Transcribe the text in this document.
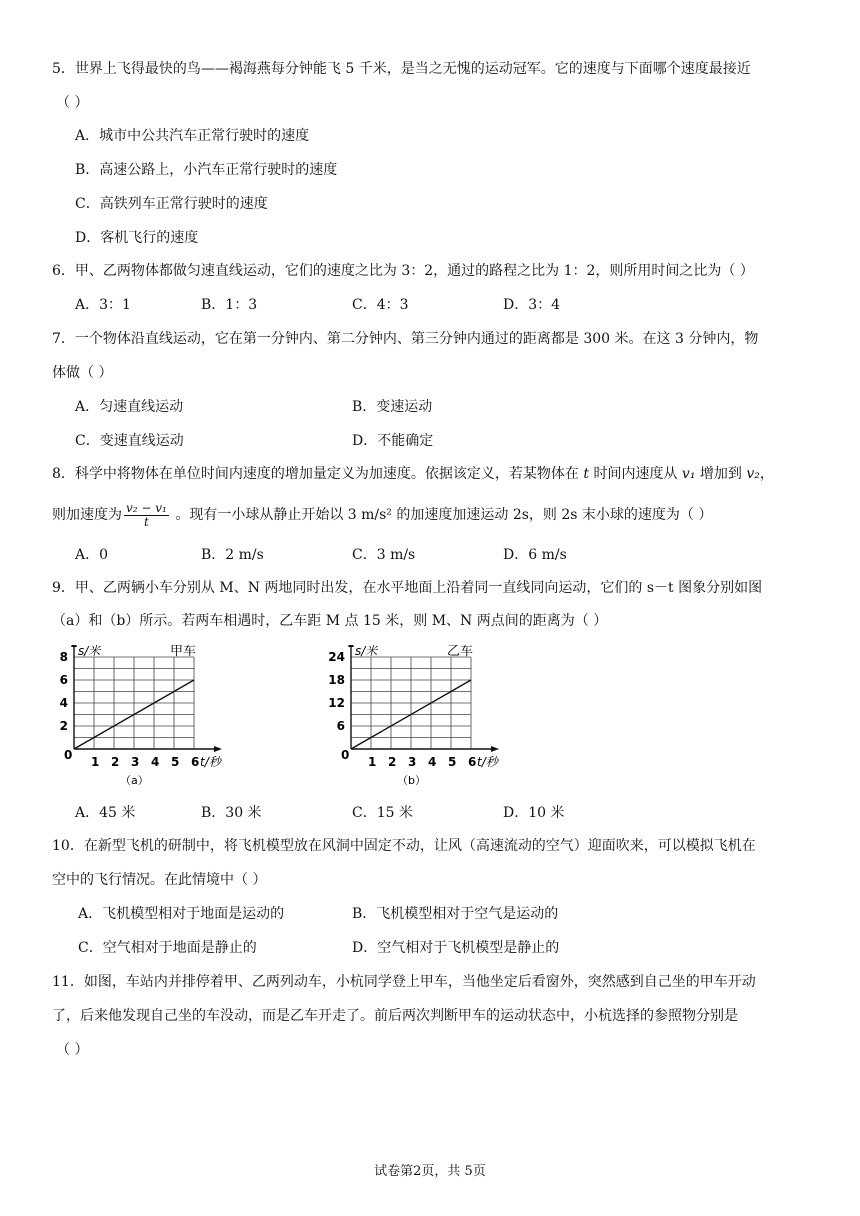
5．世界上飞得最快的鸟——褐海燕每分钟能飞 5 千米，是当之无愧的运动冠军。它的速度与下面哪个速度最接近
（ ）
A．城市中公共汽车正常行驶时的速度
B．高速公路上，小汽车正常行驶时的速度
C．高铁列车正常行驶时的速度
D．客机飞行的速度
6．甲、乙两物体都做匀速直线运动，它们的速度之比为 3：2，通过的路程之比为 1：2，则所用时间之比为（ ）
A．3：1	B．1：3	C．4：3	D．3：4
7．一个物体沿直线运动，它在第一分钟内、第二分钟内、第三分钟内通过的距离都是 300 米。在这 3 分钟内，物
体做（ ）
A．匀速直线运动	B．变速运动
C．变速直线运动	D．不能确定
8．科学中将物体在单位时间内速度的增加量定义为加速度。依据该定义，若某物体在 t 时间内速度从 v₁ 增加到 v₂，
则加速度为 $\frac{\text{v₂ − v₁}}{t}$ 。现有一小球从静止开始以 3 m/s² 的加速度加速运动 2s，则 2s 末小球的速度为（ ）
A．0	B．2 m/s	C．3 m/s	D．6 m/s
9．甲、乙两辆小车分别从 M、N 两地同时出发，在水平地面上沿着同一直线同向运动，它们的 s－t 图象分别如图
（a）和（b）所示。若两车相遇时，乙车距 M 点 15 米，则 M、N 两点间的距离为（ ）
0 1 2 3 4 5 6
2
4
6
8 s/米
t/秒
甲车
（a）
0 1 2 3 4 5 6
6
12
18
24 s/米
t/秒
乙车
（b）
A．45 米	B．30 米	C．15 米	D．10 米
10．在新型飞机的研制中，将飞机模型放在风洞中固定不动，让风（高速流动的空气）迎面吹来，可以模拟飞机在
空中的飞行情况。在此情境中（ ）
A．飞机模型相对于地面是运动的	B．飞机模型相对于空气是运动的
C．空气相对于地面是静止的	D．空气相对于飞机模型是静止的
11．如图，车站内并排停着甲、乙两列动车，小杭同学登上甲车，当他坐定后看窗外，突然感到自己坐的甲车开动
了，后来他发现自己坐的车没动，而是乙车开走了。前后两次判断甲车的运动状态中，小杭选择的参照物分别是
（ ）
试卷第2页，共 5页
